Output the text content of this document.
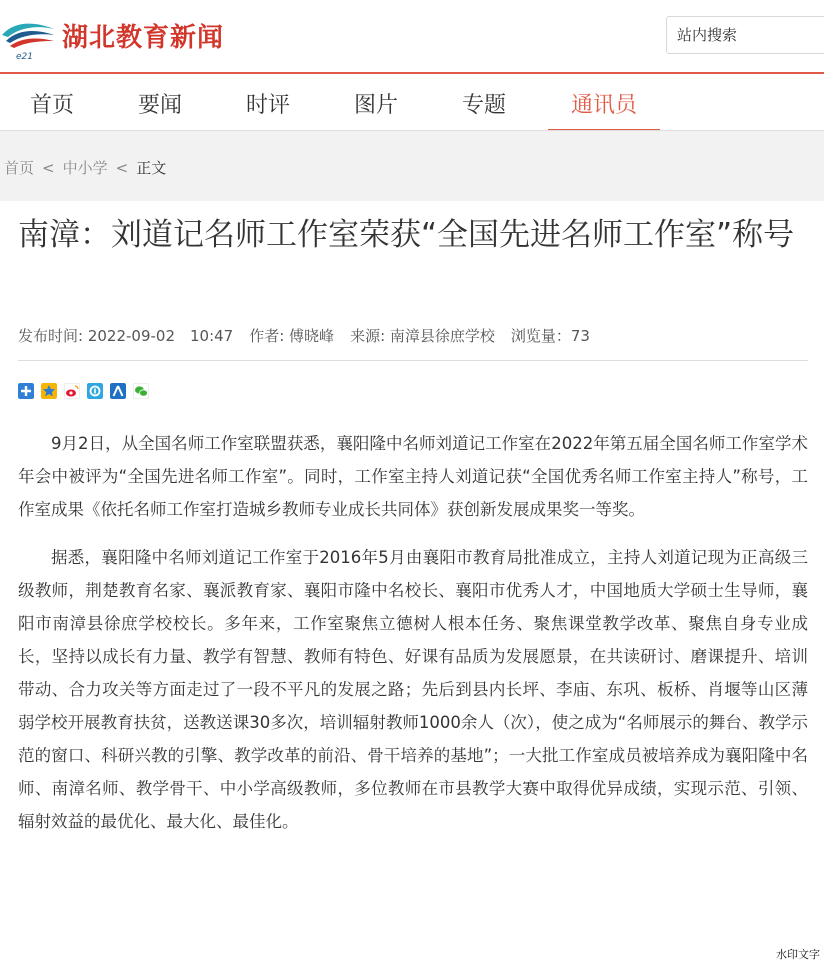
e21
湖北教育新闻
站内搜索
首页	要闻	时评	图片	专题	通讯员
首页 < 中小学 < 正文
南漳：刘道记名师工作室荣获“全国先进名师工作室”称号
发布时间: 2022-09-02　10:47 作者: 傅晓峰 来源: 南漳县徐庶学校 浏览量：73

9月2日，从全国名师工作室联盟获悉，襄阳隆中名师刘道记工作室在2022年第五届全国名师工作室学术年会中被评为“全国先进名师工作室”。同时，工作室主持人刘道记获“全国优秀名师工作室主持人”称号，工作室成果《依托名师工作室打造城乡教师专业成长共同体》获创新发展成果奖一等奖。

据悉，襄阳隆中名师刘道记工作室于2016年5月由襄阳市教育局批准成立，主持人刘道记现为正高级三级教师，荆楚教育名家、襄派教育家、襄阳市隆中名校长、襄阳市优秀人才，中国地质大学硕士生导师，襄阳市南漳县徐庶学校校长。多年来，工作室聚焦立德树人根本任务、聚焦课堂教学改革、聚焦自身专业成长，坚持以成长有力量、教学有智慧、教师有特色、好课有品质为发展愿景，在共读研讨、磨课提升、培训带动、合力攻关等方面走过了一段不平凡的发展之路；先后到县内长坪、李庙、东巩、板桥、肖堰等山区薄弱学校开展教育扶贫，送教送课30多次，培训辐射教师1000余人（次），使之成为“名师展示的舞台、教学示范的窗口、科研兴教的引擎、教学改革的前沿、骨干培养的基地”；一大批工作室成员被培养成为襄阳隆中名师、南漳名师、教学骨干、中小学高级教师，多位教师在市县教学大赛中取得优异成绩，实现示范、引领、辐射效益的最优化、最大化、最佳化。

水印文字
